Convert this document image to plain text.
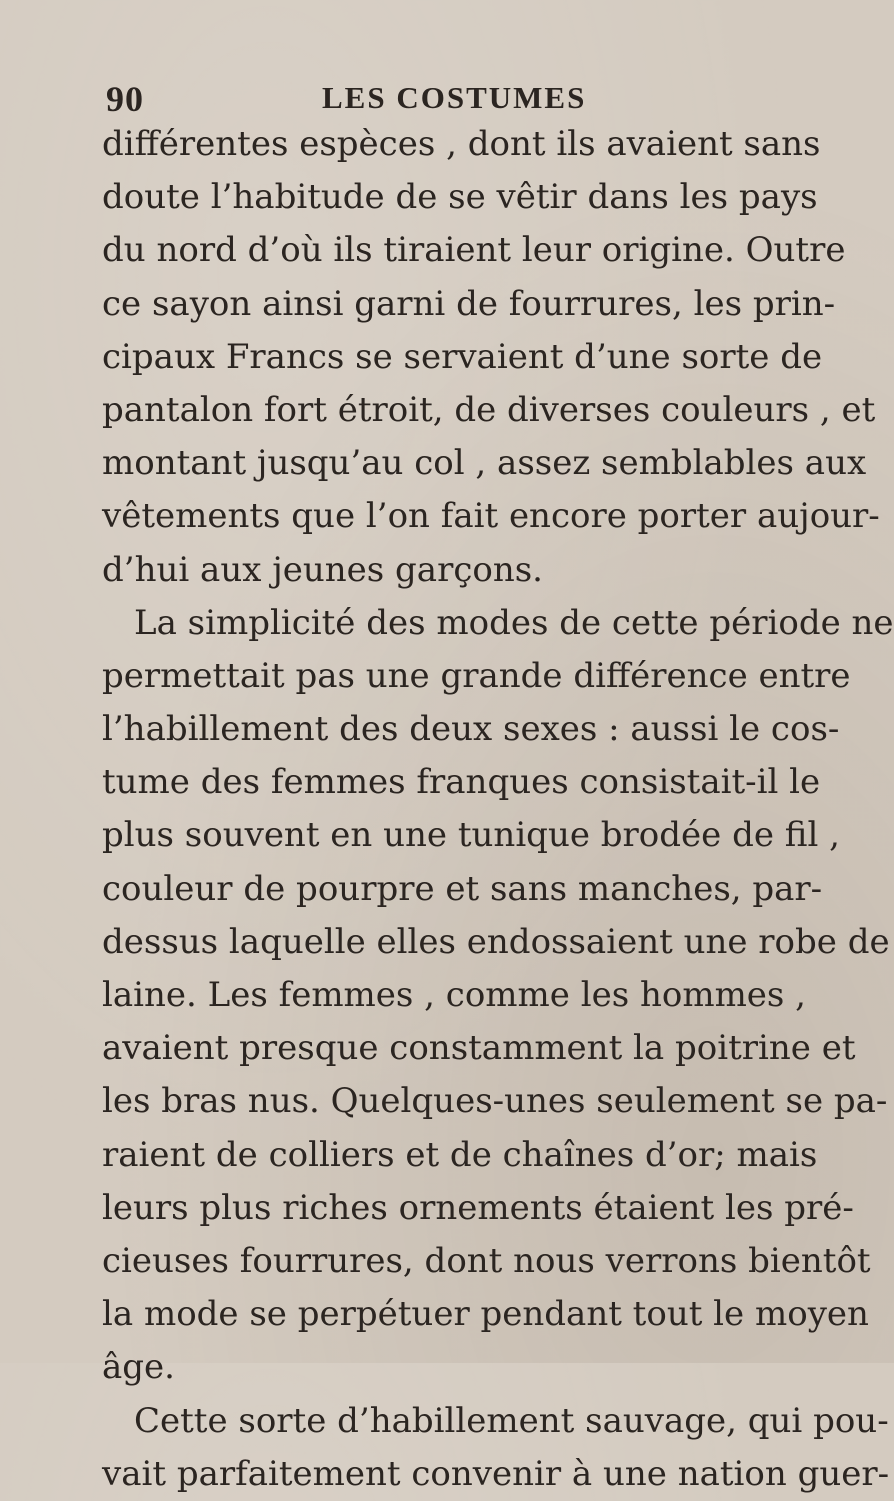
90	LES COSTUMES
différentes espèces , dont ils avaient sans
doute l’habitude de se vêtir dans les pays
du nord d’où ils tiraient leur origine. Outre
ce sayon ainsi garni de fourrures, les prin-
cipaux Francs se servaient d’une sorte de
pantalon fort étroit, de diverses couleurs , et
montant jusqu’au col , assez semblables aux
vêtements que l’on fait encore porter aujour-
d’hui aux jeunes garçons.
La simplicité des modes de cette période ne
permettait pas une grande différence entre
l’habillement des deux sexes : aussi le cos-
tume des femmes franques consistait-il le
plus souvent en une tunique brodée de fil ,
couleur de pourpre et sans manches, par-
dessus laquelle elles endossaient une robe de
laine. Les femmes , comme les hommes ,
avaient presque constamment la poitrine et
les bras nus. Quelques-unes seulement se pa-
raient de colliers et de chaînes d’or; mais
leurs plus riches ornements étaient les pré-
cieuses fourrures, dont nous verrons bientôt
la mode se perpétuer pendant tout le moyen
âge.
Cette sorte d’habillement sauvage, qui pou-
vait parfaitement convenir à une nation guer-
